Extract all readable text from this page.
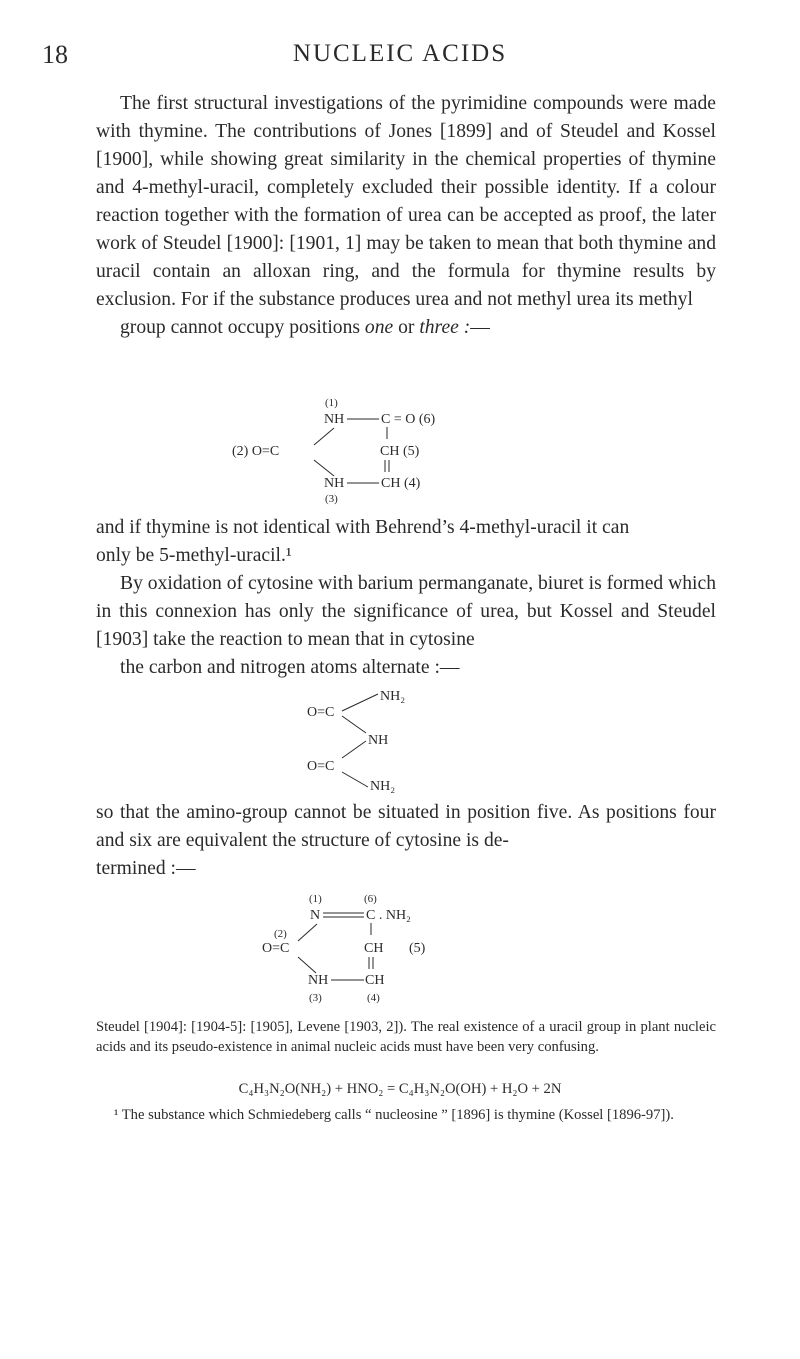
18	NUCLEIC ACIDS

The first structural investigations of the pyrimidine compounds were made with thymine. The contributions of Jones [1899] and of Steudel and Kossel [1900], while showing great similarity in the chemical properties of thymine and 4-methyl-uracil, completely excluded their possible identity. If a colour reaction together with the formation of urea can be accepted as proof, the later work of Steudel [1900]: [1901, 1] may be taken to mean that both thymine and uracil contain an alloxan ring, and the formula for thymine results by exclusion. For if the substance produces urea and not methyl urea its methyl
group cannot occupy positions one or three :—

(1)
NH	C = O (6)
(2) O=C	CH (5)
NH	CH (4)
(3)

and if thymine is not identical with Behrend’s 4-methyl-uracil it can
only be 5-methyl-uracil.¹

By oxidation of cytosine with barium permanganate, biuret is formed which in this connexion has only the significance of urea, but Kossel and Steudel [1903] take the reaction to mean that in cytosine
the carbon and nitrogen atoms alternate :—

NH₂
O=C
NH
O=C
NH₂

so that the amino-group cannot be situated in position five. As positions four and six are equivalent the structure of cytosine is de-
termined :—

(1)	(6)
N	C . NH₂
(2)
O=C	CH (5)
NH	CH
(3)	(4)

Steudel [1904]: [1904-5]: [1905], Levene [1903, 2]). The real existence of a uracil group in plant nucleic acids and its pseudo-existence in animal nucleic acids must have been very confusing.

C₄H₃N₂O(NH₂) + HNO₂ = C₄H₃N₂O(OH) + H₂O + 2N

¹ The substance which Schmiedeberg calls “ nucleosine ” [1896] is thymine (Kossel [1896-97]).
